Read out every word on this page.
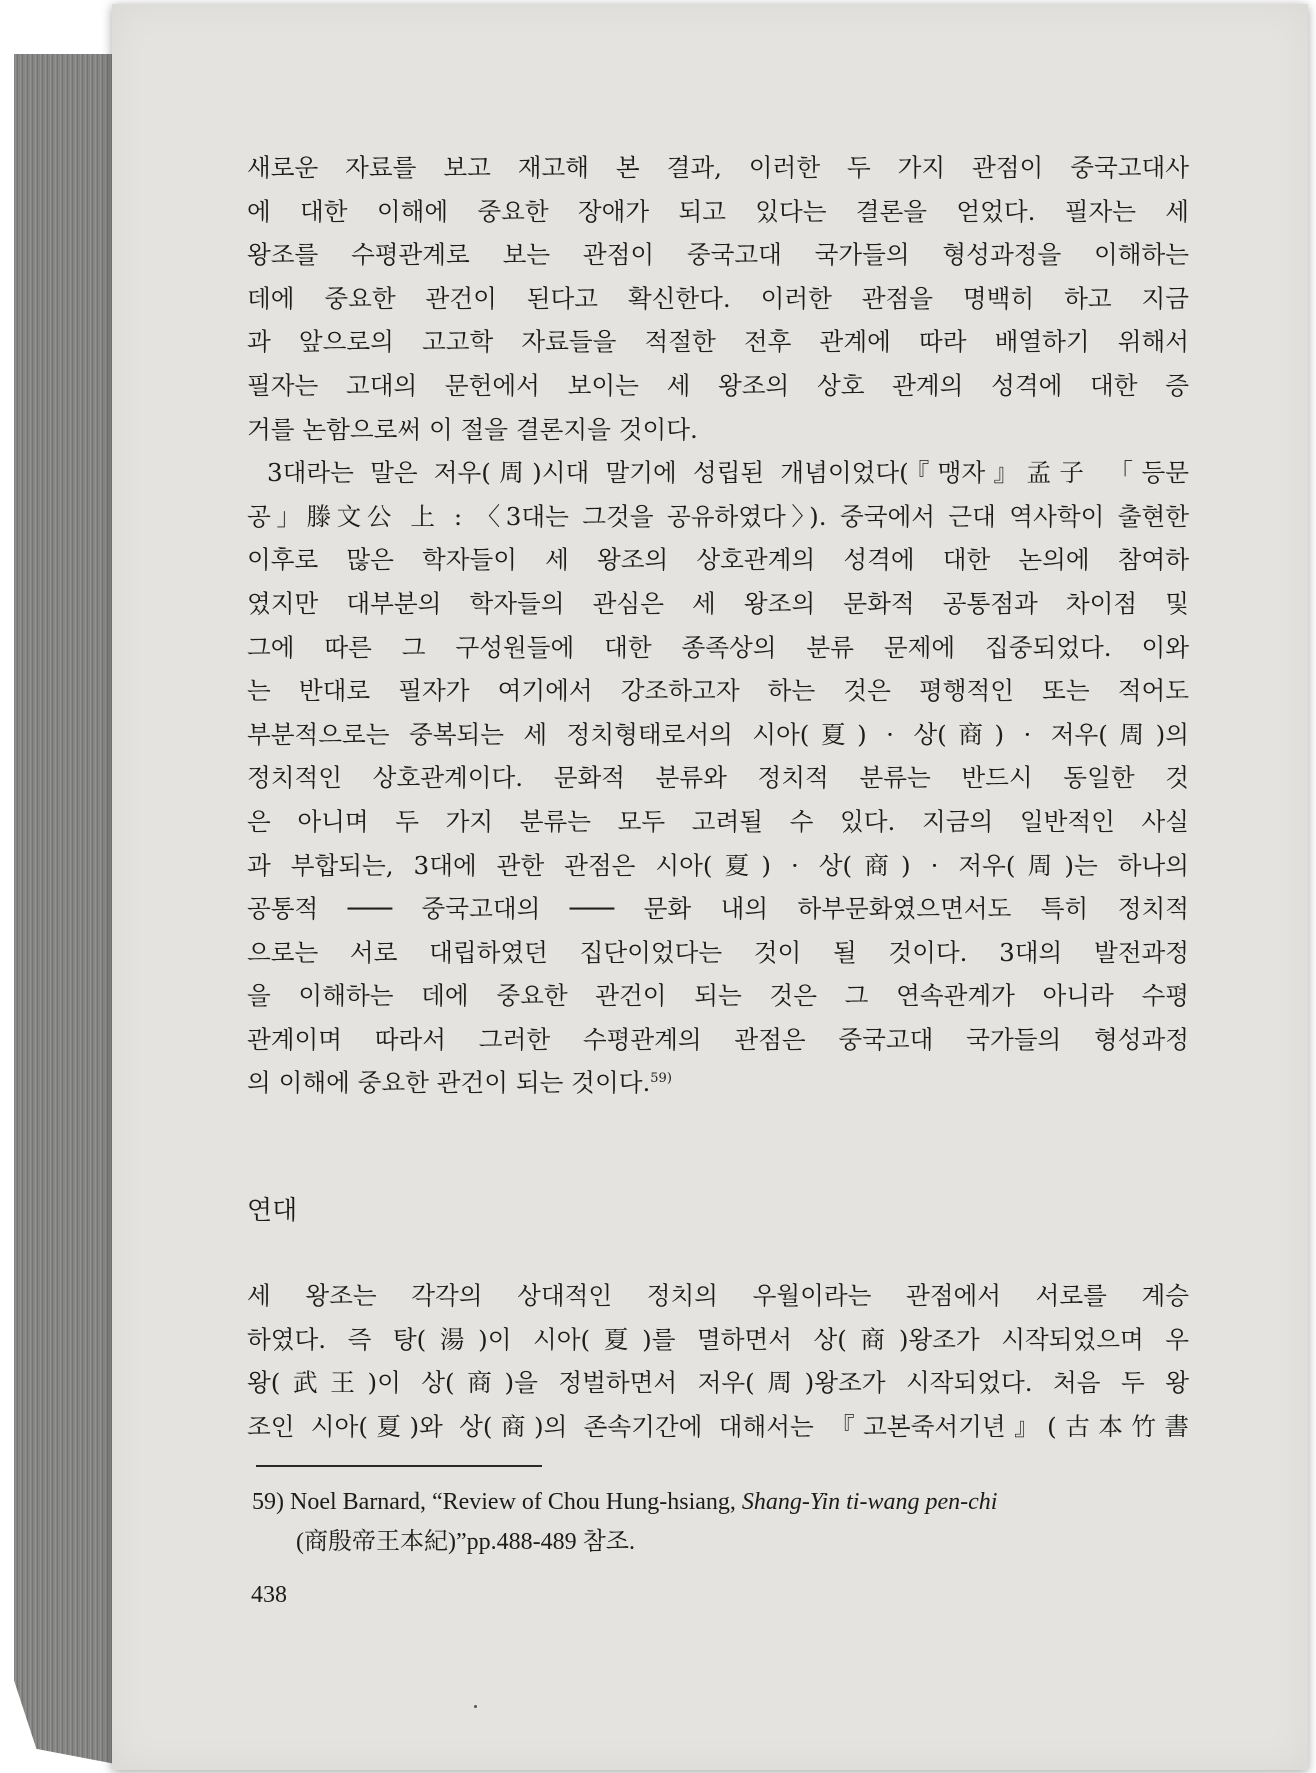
새로운 자료를 보고 재고해 본 결과, 이러한 두 가지 관점이 중국고대사
에 대한 이해에 중요한 장애가 되고 있다는 결론을 얻었다. 필자는 세
왕조를 수평관계로 보는 관점이 중국고대 국가들의 형성과정을 이해하는
데에 중요한 관건이 된다고 확신한다. 이러한 관점을 명백히 하고 지금
과 앞으로의 고고학 자료들을 적절한 전후 관계에 따라 배열하기 위해서
필자는 고대의 문헌에서 보이는 세 왕조의 상호 관계의 성격에 대한 증
거를 논함으로써 이 절을 결론지을 것이다.

3대라는 말은 저우(周)시대 말기에 성립된 개념이었다(『맹자』孟子 「등문
공」滕文公 上 : 〈3대는 그것을 공유하였다〉). 중국에서 근대 역사학이 출현한
이후로 많은 학자들이 세 왕조의 상호관계의 성격에 대한 논의에 참여하
였지만 대부분의 학자들의 관심은 세 왕조의 문화적 공통점과 차이점 및
그에 따른 그 구성원들에 대한 종족상의 분류 문제에 집중되었다. 이와
는 반대로 필자가 여기에서 강조하고자 하는 것은 평행적인 또는 적어도
부분적으로는 중복되는 세 정치형태로서의 시아(夏) · 상(商) · 저우(周)의
정치적인 상호관계이다. 문화적 분류와 정치적 분류는 반드시 동일한 것
은 아니며 두 가지 분류는 모두 고려될 수 있다. 지금의 일반적인 사실
과 부합되는, 3대에 관한 관점은 시아(夏) · 상(商) · 저우(周)는 하나의
공통적 ─── 중국고대의 ─── 문화 내의 하부문화였으면서도 특히 정치적
으로는 서로 대립하였던 집단이었다는 것이 될 것이다. 3대의 발전과정
을 이해하는 데에 중요한 관건이 되는 것은 그 연속관계가 아니라 수평
관계이며 따라서 그러한 수평관계의 관점은 중국고대 국가들의 형성과정
의 이해에 중요한 관건이 되는 것이다.$^{59)}$

연대

세 왕조는 각각의 상대적인 정치의 우월이라는 관점에서 서로를 계승
하였다. 즉 탕(湯)이 시아(夏)를 멸하면서 상(商)왕조가 시작되었으며 우
왕(武王)이 상(商)을 정벌하면서 저우(周)왕조가 시작되었다. 처음 두 왕
조인 시아(夏)와 상(商)의 존속기간에 대해서는 『고본죽서기년』(古本竹書

59) Noel Barnard, “Review of Chou Hung-hsiang, Shang-Yin ti-wang pen-chi
(商殷帝王本紀)”pp.488-489 참조.
438
